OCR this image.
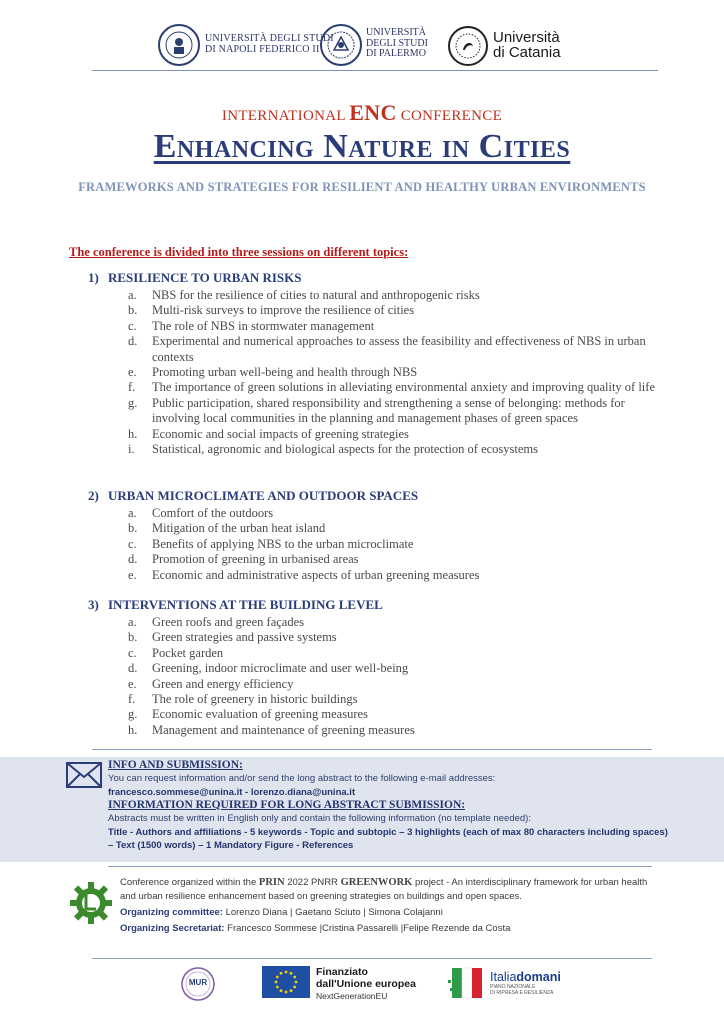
UNIVERSITÀ DEGLI STUDI
DI NAPOLI FEDERICO II
UNIVERSITÀ
DEGLI STUDI
DI PALERMO
Università
di Catania
INTERNATIONAL ENC CONFERENCE
Enhancing Nature in Cities
FRAMEWORKS AND STRATEGIES FOR RESILIENT AND HEALTHY URBAN ENVIRONMENTS
The conference is divided into three sessions on different topics:
1) RESILIENCE TO URBAN RISKS
a. NBS for the resilience of cities to natural and anthropogenic risks
b. Multi-risk surveys to improve the resilience of cities
c. The role of NBS in stormwater management
d. Experimental and numerical approaches to assess the feasibility and effectiveness of NBS in urban contexts
e. Promoting urban well-being and health through NBS
f. The importance of green solutions in alleviating environmental anxiety and improving quality of life
g. Public participation, shared responsibility and strengthening a sense of belonging: methods for involving local communities in the planning and management phases of green spaces
h. Economic and social impacts of greening strategies
i. Statistical, agronomic and biological aspects for the protection of ecosystems
2) URBAN MICROCLIMATE AND OUTDOOR SPACES
a. Comfort of the outdoors
b. Mitigation of the urban heat island
c. Benefits of applying NBS to the urban microclimate
d. Promotion of greening in urbanised areas
e. Economic and administrative aspects of urban greening measures
3) INTERVENTIONS AT THE BUILDING LEVEL
a. Green roofs and green façades
b. Green strategies and passive systems
c. Pocket garden
d. Greening, indoor microclimate and user well-being
e. Green and energy efficiency
f. The role of greenery in historic buildings
g. Economic evaluation of greening measures
h. Management and maintenance of greening measures
INFO AND SUBMISSION:
You can request information and/or send the long abstract to the following e-mail addresses:
francesco.sommese@unina.it - lorenzo.diana@unina.it
INFORMATION REQUIRED FOR LONG ABSTRACT SUBMISSION:
Abstracts must be written in English only and contain the following information (no template needed):
Title - Authors and affiliations - 5 keywords - Topic and subtopic – 3 highlights (each of max 80 characters including spaces)
– Text (1500 words) – 1 Mandatory Figure - References
Conference organized within the PRIN 2022 PNRR GREENWORK project - An interdisciplinary framework for urban health and urban resilience enhancement based on greening strategies on buildings and open spaces.
Organizing committee: Lorenzo Diana | Gaetano Sciuto | Simona Colajanni
Organizing Secretariat: Francesco Sommese |Cristina Passarelli |Felipe Rezende da Costa
MUR
Finanziato
dall'Unione europea
NextGenerationEU
Italiadomani
PIANO NAZIONALE
DI RIPRESA E RESILIENZA
